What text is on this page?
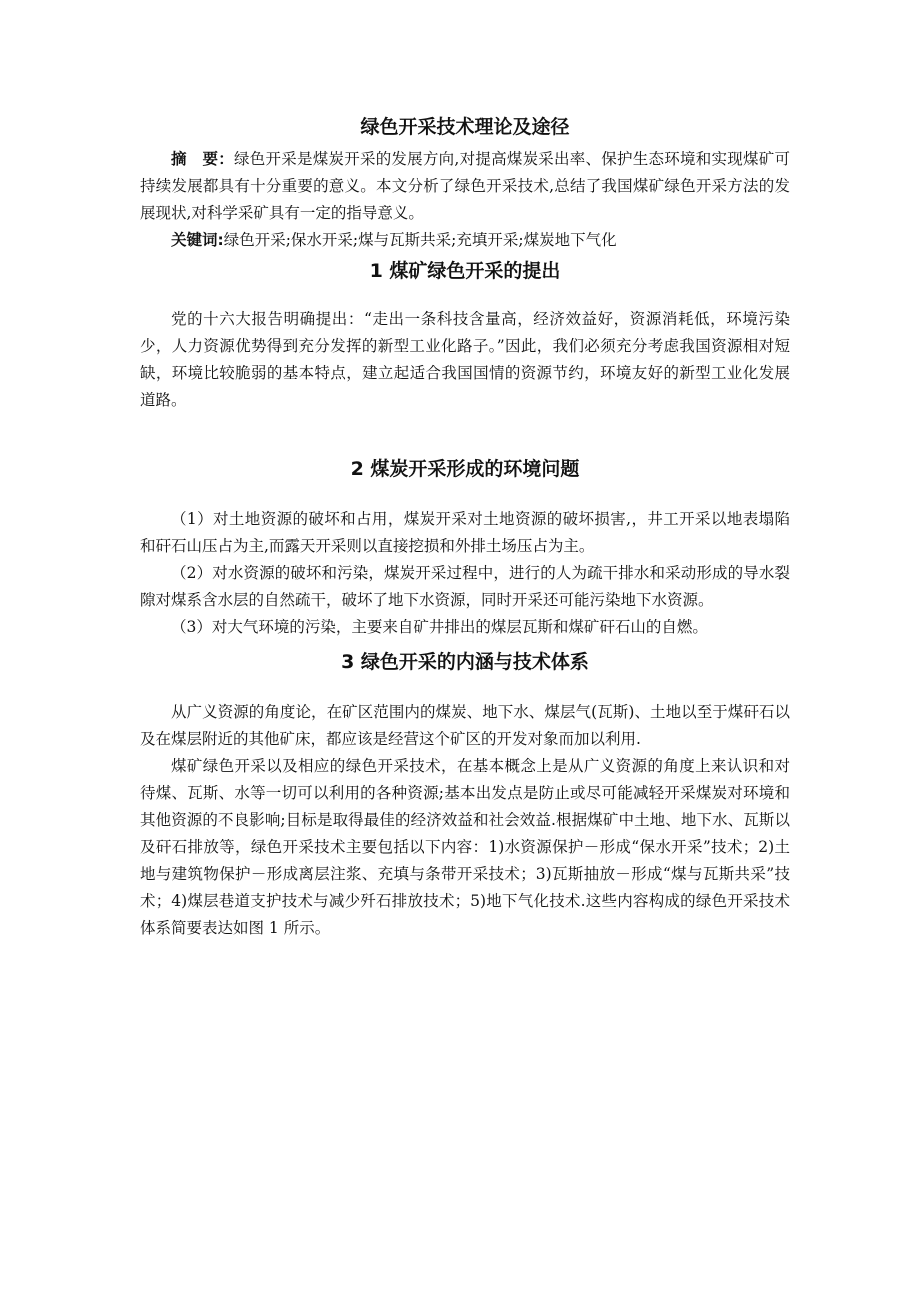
绿色开采技术理论及途径

摘　要：绿色开采是煤炭开采的发展方向,对提高煤炭采出率、保护生态环境和实现煤矿可持续发展都具有十分重要的意义。本文分析了绿色开采技术,总结了我国煤矿绿色开采方法的发展现状,对科学采矿具有一定的指导意义。

关键词:绿色开采;保水开采;煤与瓦斯共采;充填开采;煤炭地下气化

1 煤矿绿色开采的提出

党的十六大报告明确提出：“走出一条科技含量高，经济效益好，资源消耗低，环境污染少，人力资源优势得到充分发挥的新型工业化路子。”因此，我们必须充分考虑我国资源相对短缺，环境比较脆弱的基本特点，建立起适合我国国情的资源节约，环境友好的新型工业化发展道路。

2 煤炭开采形成的环境问题

（1）对土地资源的破坏和占用，煤炭开采对土地资源的破坏损害,，井工开采以地表塌陷和矸石山压占为主,而露天开采则以直接挖损和外排土场压占为主。

（2）对水资源的破坏和污染，煤炭开采过程中，进行的人为疏干排水和采动形成的导水裂隙对煤系含水层的自然疏干，破坏了地下水资源，同时开采还可能污染地下水资源。

（3）对大气环境的污染，主要来自矿井排出的煤层瓦斯和煤矿矸石山的自燃。

3 绿色开采的内涵与技术体系

从广义资源的角度论，在矿区范围内的煤炭、地下水、煤层气(瓦斯)、土地以至于煤矸石以及在煤层附近的其他矿床，都应该是经营这个矿区的开发对象而加以利用.

煤矿绿色开采以及相应的绿色开采技术，在基本概念上是从广义资源的角度上来认识和对待煤、瓦斯、水等一切可以利用的各种资源;基本出发点是防止或尽可能减轻开采煤炭对环境和其他资源的不良影响;目标是取得最佳的经济效益和社会效益.根据煤矿中土地、地下水、瓦斯以及矸石排放等，绿色开采技术主要包括以下内容：1)水资源保护－形成“保水开采”技术；2)土地与建筑物保护－形成离层注浆、充填与条带开采技术；3)瓦斯抽放－形成“煤与瓦斯共采”技术；4)煤层巷道支护技术与减少歼石排放技术；5)地下气化技术.这些内容构成的绿色开采技术体系简要表达如图 1 所示。
